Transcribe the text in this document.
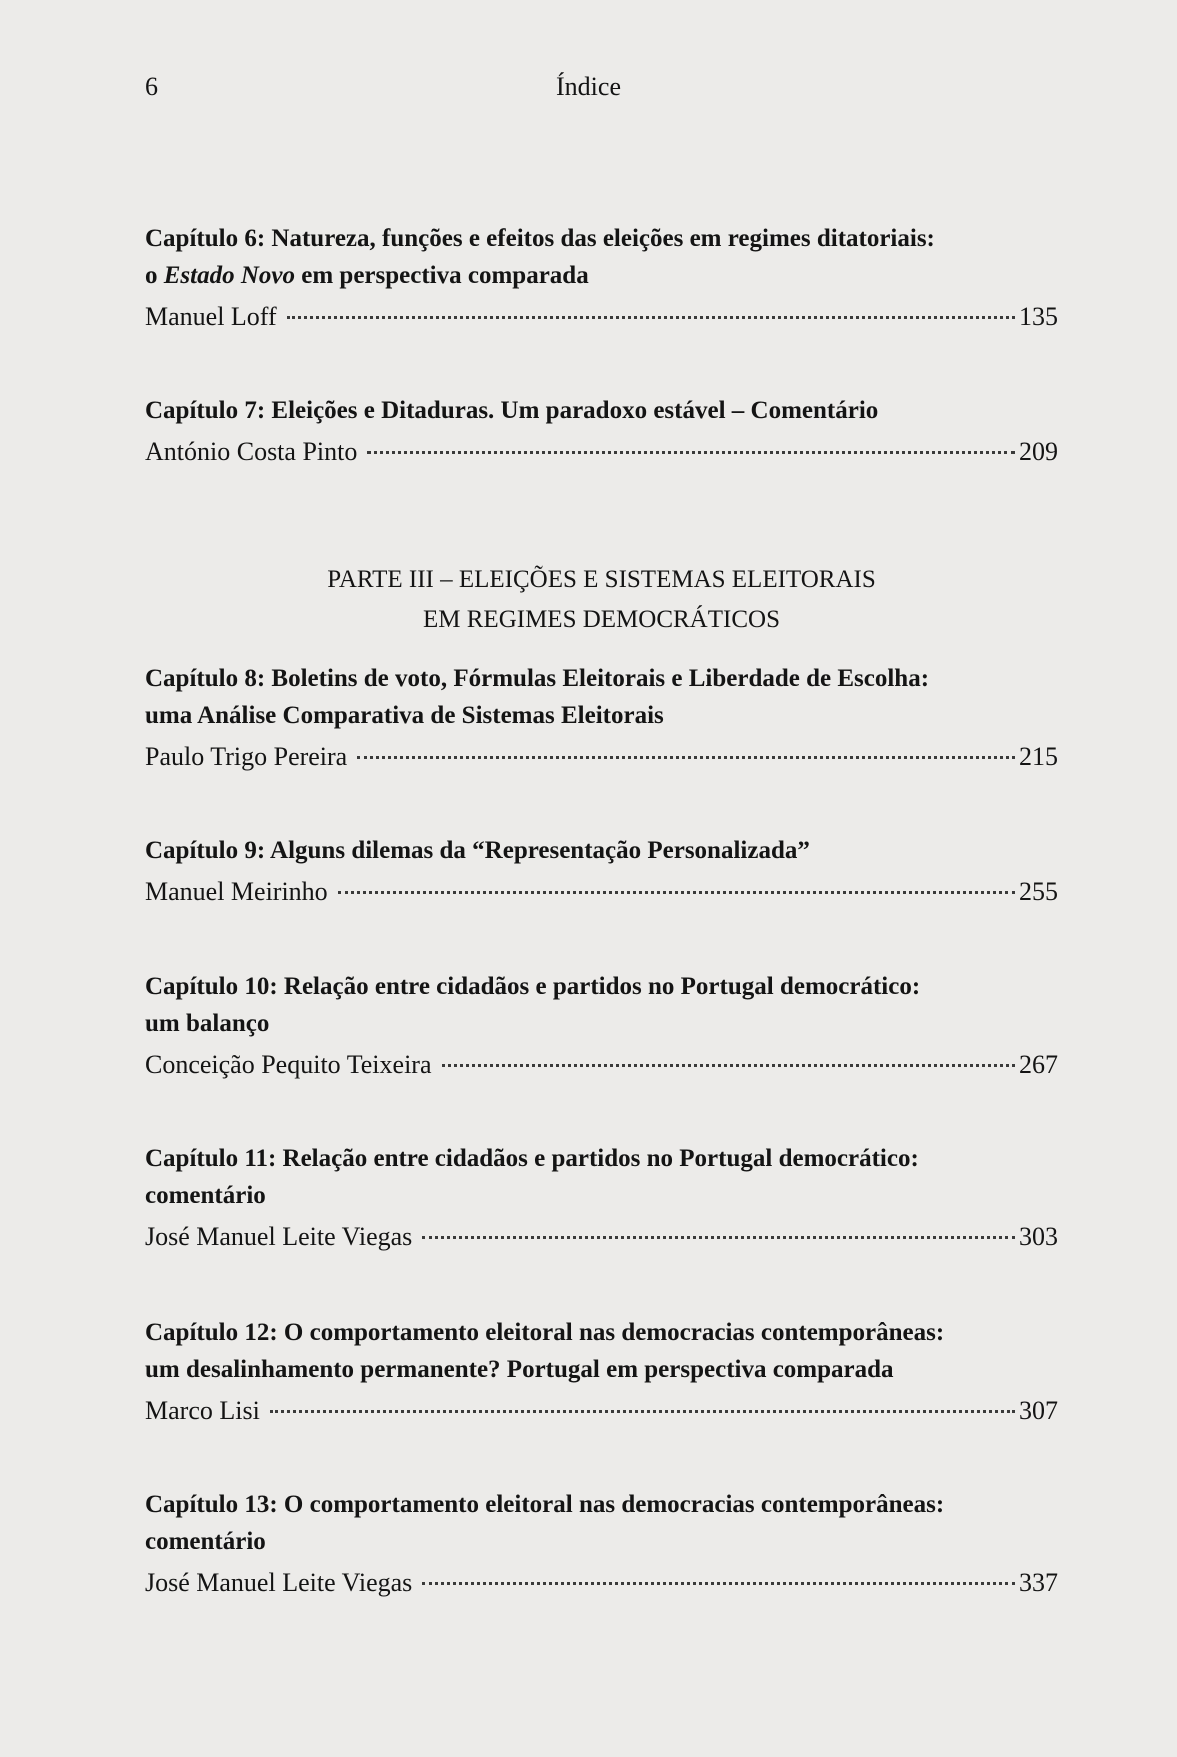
6	Índice

Capítulo 6: Natureza, funções e efeitos das eleições em regimes ditatoriais:
o Estado Novo em perspectiva comparada

Manuel Loff	135

Capítulo 7: Eleições e Ditaduras. Um paradoxo estável – Comentário

António Costa Pinto	209
PARTE III – ELEIÇÕES E SISTEMAS ELEITORAIS
EM REGIMES DEMOCRÁTICOS

Capítulo 8: Boletins de voto, Fórmulas Eleitorais e Liberdade de Escolha:
uma Análise Comparativa de Sistemas Eleitorais

Paulo Trigo Pereira	215

Capítulo 9: Alguns dilemas da “Representação Personalizada”

Manuel Meirinho	255

Capítulo 10: Relação entre cidadãos e partidos no Portugal democrático:
um balanço

Conceição Pequito Teixeira	267

Capítulo 11: Relação entre cidadãos e partidos no Portugal democrático:
comentário

José Manuel Leite Viegas	303

Capítulo 12: O comportamento eleitoral nas democracias contemporâneas:
um desalinhamento permanente? Portugal em perspectiva comparada

Marco Lisi	307

Capítulo 13: O comportamento eleitoral nas democracias contemporâneas:
comentário

José Manuel Leite Viegas	337
